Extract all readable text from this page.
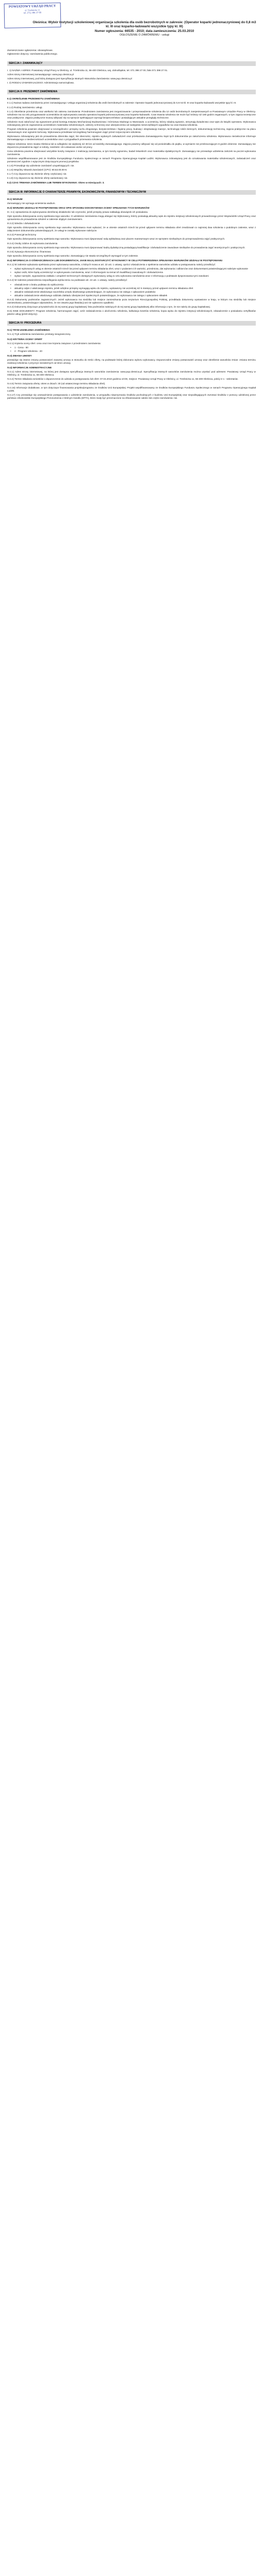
POWIATOWY URZĄD PRACY
ul. Trzebnicka 11
tel. (71) 306 37 00
Oleśnica: Wybór Instytucji szkoleniowej organizacja szkolenia dla osób bezrobotnych w zakresie: (Operator koparki jednonaczyniowej do 0,8 m3 kl. III oraz koparko-ładowarki wszystkie typy kl. III)
Numer ogłoszenia: 66535 - 2010; data zamieszczenia: 25.03.2010
OGŁOSZENIE O ZAMÓWIENIU - usługi
Zamieszczanie ogłoszenia: obowiązkowe.
Ogłoszenie dotyczy: zamówienia publicznego.
SEKCJA I: ZAMAWIAJĄCY
I. 1) NAZWA I ADRES: Powiatowy Urząd Pracy w Oleśnicy, ul. Trzebnicka 11, 56-400 Oleśnica, woj. dolnośląskie, tel. 071 398 27 00, faks 071 398 27 01.
Adres strony internetowej zamawiającego: www.pup.olesnica.pl
Adres strony internetowej, pod którą dostępna jest Specyfikacja Istotnych Warunków Zamówienia: www.pup.olesnica.pl
I. 2) RODZAJ ZAMAWIAJĄCEGO: Administracja samorządowa.
SEKCJA II: PRZEDMIOT ZAMÓWIENIA
II.1) OKREŚLENIE PRZEDMIOTU ZAMÓWIENIA
II.1.1) Nazwa nadana zamówieniu przez zamawiającego: Usługa organizacji szkolenia dla osób bezrobotnych w zakresie: Operator koparki jednonaczyniowej do 0,8 m3 kl. III oraz koparko-ładowarki wszystkie typy kl. III.
II.1.2) Rodzaj zamówienia: usługi.
II.1.4) Określenie przedmiotu oraz wielkości lub zakresu zamówienia: Przedmiotem zamówienia jest zorganizowanie i przeprowadzenie szkolenia dla 12 osób bezrobotnych zarejestrowanych w Powiatowym Urzędzie Pracy w Oleśnicy. Szkolenie ma na celu przygotowanie uczestników do wykonywania zawodu operatora koparki jednonaczyniowej oraz koparko-ładowarki. Czas trwania szkolenia nie może być krótszy niż 180 godzin zegarowych, w tym zajęcia teoretyczne oraz praktyczne. Zajęcia praktyczne muszą odbywać się na sprzęcie spełniającym wymogi bezpieczeństwa i posiadającym aktualne przeglądy techniczne.
Szkolenie musi zakończyć się egzaminem przed komisją Instytutu Mechanizacji Budownictwa i Górnictwa Skalnego w Warszawie, a uczestnicy, którzy zdadzą egzamin, otrzymają świadectwo oraz wpis do książki operatora. Wykonawca zobowiązany jest do zapewnienia uczestnikom materiałów szkoleniowych, odzieży ochronnej oraz ubezpieczenia od następstw nieszczęśliwych wypadków na czas trwania szkolenia.
Program szkolenia powinien obejmować w szczególności: przepisy ruchu drogowego, bezpieczeństwo i higienę pracy, budowę i eksploatację maszyn, technologię robót ziemnych, dokumentację techniczną, zajęcia praktyczne na placu manewrowym oraz egzamin końcowy. Wykonawca przedstawi szczegółowy harmonogram zajęć przed rozpoczęciem szkolenia.
Wykonawca zobowiązany jest do prowadzenia dziennika zajęć, list obecności, rejestru wydanych zaświadczeń oraz przekazania Zamawiającemu kopii tych dokumentów po zakończeniu szkolenia. Wykonawca niezwłocznie informuje Zamawiającego o nieobecnościach uczestników oraz o przypadkach przerwania szkolenia.
Miejsce szkolenia: teren miasta Oleśnica lub w odległości nie większej niż 30 km od siedziby Zamawiającego. Zajęcia powinny odbywać się od poniedziałku do piątku, w wymiarze nie przekraczającym 8 godzin dziennie. Zamawiający nie dopuszcza prowadzenia zajęć w soboty, niedziele i dni ustawowo wolne od pracy.
Cena szkolenia powinna obejmować wszystkie koszty związane z realizacją zamówienia, w tym koszty egzaminu, badań lekarskich oraz materiałów dydaktycznych. Zamawiający nie przewiduje udzielenia zaliczek na poczet wykonania zamówienia.
Szkolenie współfinansowane jest ze środków Europejskiego Funduszu Społecznego w ramach Programu Operacyjnego Kapitał Ludzki. Wykonawca zobowiązany jest do oznakowania materiałów szkoleniowych, zaświadczeń oraz pomieszczeń zgodnie z wytycznymi dotyczącymi promocji projektów.
II.1.5) Przewiduje się udzielenie zamówień uzupełniających: nie.
II.1.6) Wspólny Słownik Zamówień (CPV): 80.53.00.00-8.
II.1.7) Czy dopuszcza się złożenie oferty częściowej: nie.
II.1.8) Czy dopuszcza się złożenie oferty wariantowej: nie.
II.2) CZAS TRWANIA ZAMÓWIENIA LUB TERMIN WYKONANIA: Okres w miesiącach: 3.
SEKCJA III: INFORMACJE O CHARAKTERZE PRAWNYM, EKONOMICZNYM, FINANSOWYM I TECHNICZNYM
III.1) WADIUM
Zamawiający nie wymaga wniesienia wadium.
III.3) WARUNKI UDZIAŁU W POSTĘPOWANIU ORAZ OPIS SPOSOBU DOKONYWANIA OCENY SPEŁNIANIA TYCH WARUNKÓW
III. 3.1) Uprawnienia do wykonywania określonej działalności lub czynności, jeżeli przepisy prawa nakładają obowiązek ich posiadania.
Opis sposobu dokonywania oceny spełniania tego warunku: O udzielenie zamówienia mogą ubiegać się Wykonawcy, którzy posiadają aktualny wpis do rejestru instytucji szkoleniowych prowadzonego przez Wojewódzki Urząd Pracy oraz uprawnienia do prowadzenia szkoleń w zakresie objętym zamówieniem.
III.3.2) Wiedza i doświadczenie
Opis sposobu dokonywania oceny spełniania tego warunku: Wykonawca musi wykazać, że w okresie ostatnich trzech lat przed upływem terminu składania ofert zrealizował co najmniej dwa szkolenia o podobnym zakresie, wraz z załączeniem dokumentów potwierdzających, że usługi te zostały wykonane należycie.
III.3.3) Potencjał techniczny
Opis sposobu dokonywania oceny spełniania tego warunku: Wykonawca musi dysponować salą wykładową oraz placem manewrowym wraz ze sprzętem niezbędnym do przeprowadzenia zajęć praktycznych.
III.3.4) Osoby zdolne do wykonania zamówienia
Opis sposobu dokonywania oceny spełniania tego warunku: Wykonawca musi dysponować kadrą dydaktyczną posiadającą kwalifikacje i doświadczenie zawodowe niezbędne do prowadzenia zajęć teoretycznych i praktycznych.
III.3.5) Sytuacja ekonomiczna i finansowa
Opis sposobu dokonywania oceny spełniania tego warunku: Zamawiający nie stawia szczególnych wymagań w tym zakresie.
III.4) INFORMACJA O OŚWIADCZENIACH LUB DOKUMENTACH, JAKIE MAJĄ DOSTARCZYĆ WYKONAWCY W CELU POTWIERDZENIA SPEŁNIANIA WARUNKÓW UDZIAŁU W POSTĘPOWANIU
III.4.1) W zakresie wykazania spełniania przez wykonawcę warunków, o których mowa w art. 22 ust. 1 ustawy, oprócz oświadczenia o spełnieniu warunków udziału w postępowaniu należy przedłożyć:
• wykaz wykonanych usług w okresie ostatnich trzech lat przed upływem terminu składania ofert, wraz z podaniem ich wartości, przedmiotu, dat wykonania i odbiorców oraz dokumentami potwierdzającymi należyte wykonanie
• wykaz osób, które będą uczestniczyć w wykonywaniu zamówienia, wraz z informacjami na temat ich kwalifikacji zawodowych i doświadczenia
• wykaz narzędzi, wyposażenia zakładu i urządzeń technicznych dostępnych wykonawcy usług w celu wykonania zamówienia wraz z informacją o podstawie dysponowania tymi zasobami
III.4.2) W zakresie potwierdzenia niepodlegania wykluczeniu na podstawie art. 24 ust. 1 ustawy, należy przedłożyć:
• oświadczenie o braku podstaw do wykluczenia
• aktualny odpis z właściwego rejestru, jeżeli odrębne przepisy wymagają wpisu do rejestru, wystawiony nie wcześniej niż 6 miesięcy przed upływem terminu składania ofert
• aktualne zaświadczenie właściwego naczelnika urzędu skarbowego potwierdzające, że wykonawca nie zalega z opłacaniem podatków
• aktualne zaświadczenie właściwego oddziału Zakładu Ubezpieczeń Społecznych potwierdzające, że wykonawca nie zalega z opłacaniem składek
III.4.3) Dokumenty podmiotów zagranicznych: Jeżeli wykonawca ma siedzibę lub miejsce zamieszkania poza terytorium Rzeczypospolitej Polskiej, przedkłada dokumenty wystawione w kraju, w którym ma siedzibę lub miejsce zamieszkania, potwierdzające odpowiednio, że nie otwarto jego likwidacji ani nie ogłoszono upadłości.
III.4.4) Dokumenty dotyczące przynależności do tej samej grupy kapitałowej: lista podmiotów należących do tej samej grupy kapitałowej albo informacja o tym, że nie należy do grupy kapitałowej.
III.6) INNE DOKUMENTY: Program szkolenia, harmonogram zajęć, wzór zaświadczenia o ukończeniu szkolenia, kalkulacja kosztów szkolenia, kopia wpisu do rejestru instytucji szkoleniowych, oświadczenie o posiadaniu certyfikatów jakości usług (jeżeli dotyczy).
SEKCJA IV: PROCEDURA
IV.1) TRYB UDZIELENIA ZAMÓWIENIA
IV.1.1) Tryb udzielenia zamówienia: przetarg nieograniczony.
IV.2) KRYTERIA OCENY OFERT
IV.2.1) Kryteria oceny ofert: cena oraz inne kryteria związane z przedmiotem zamówienia:
• 1 - Cena - 80
• 2 - Program szkolenia - 20
IV.3) ZMIANA UMOWY
przewiduje się istotne zmiany postanowień zawartej umowy w stosunku do treści oferty, na podstawie której dokonano wyboru wykonawcy. Dopuszczalne zmiany postanowień umowy oraz określenie warunków zmian: zmiana terminu realizacji szkolenia z przyczyn niezależnych od stron umowy.
IV.4) INFORMACJE ADMINISTRACYJNE
IV.4.1) Adres strony internetowej, na której jest dostępna specyfikacja istotnych warunków zamówienia: www.pup.olesnica.pl. Specyfikację istotnych warunków zamówienia można uzyskać pod adresem: Powiatowy Urząd Pracy w Oleśnicy, ul. Trzebnicka 11, 56-400 Oleśnica.
IV.4.4) Termin składania wniosków o dopuszczenie do udziału w postępowaniu lub ofert: 07.04.2010 godzina 10:00, miejsce: Powiatowy Urząd Pracy w Oleśnicy, ul. Trzebnicka 11, 56-400 Oleśnica, pokój nr 1 - sekretariat.
IV.4.5) Termin związania ofertą: okres w dniach: 30 (od ostatecznego terminu składania ofert).
IV.4.16) Informacje dodatkowe, w tym dotyczące finansowania projektu/programu ze środków Unii Europejskiej: Projekt współfinansowany ze środków Europejskiego Funduszu Społecznego w ramach Programu Operacyjnego Kapitał Ludzki.
IV.4.17) Czy przewiduje się unieważnienie postępowania o udzielenie zamówienia, w przypadku nieprzyznania środków pochodzących z budżetu Unii Europejskiej oraz niepodlegających zwrotowi środków z pomocy udzielonej przez państwa członkowskie Europejskiego Porozumienia o Wolnym Handlu (EFTA), które miały być przeznaczone na sfinansowanie całości lub części zamówienia: nie.
